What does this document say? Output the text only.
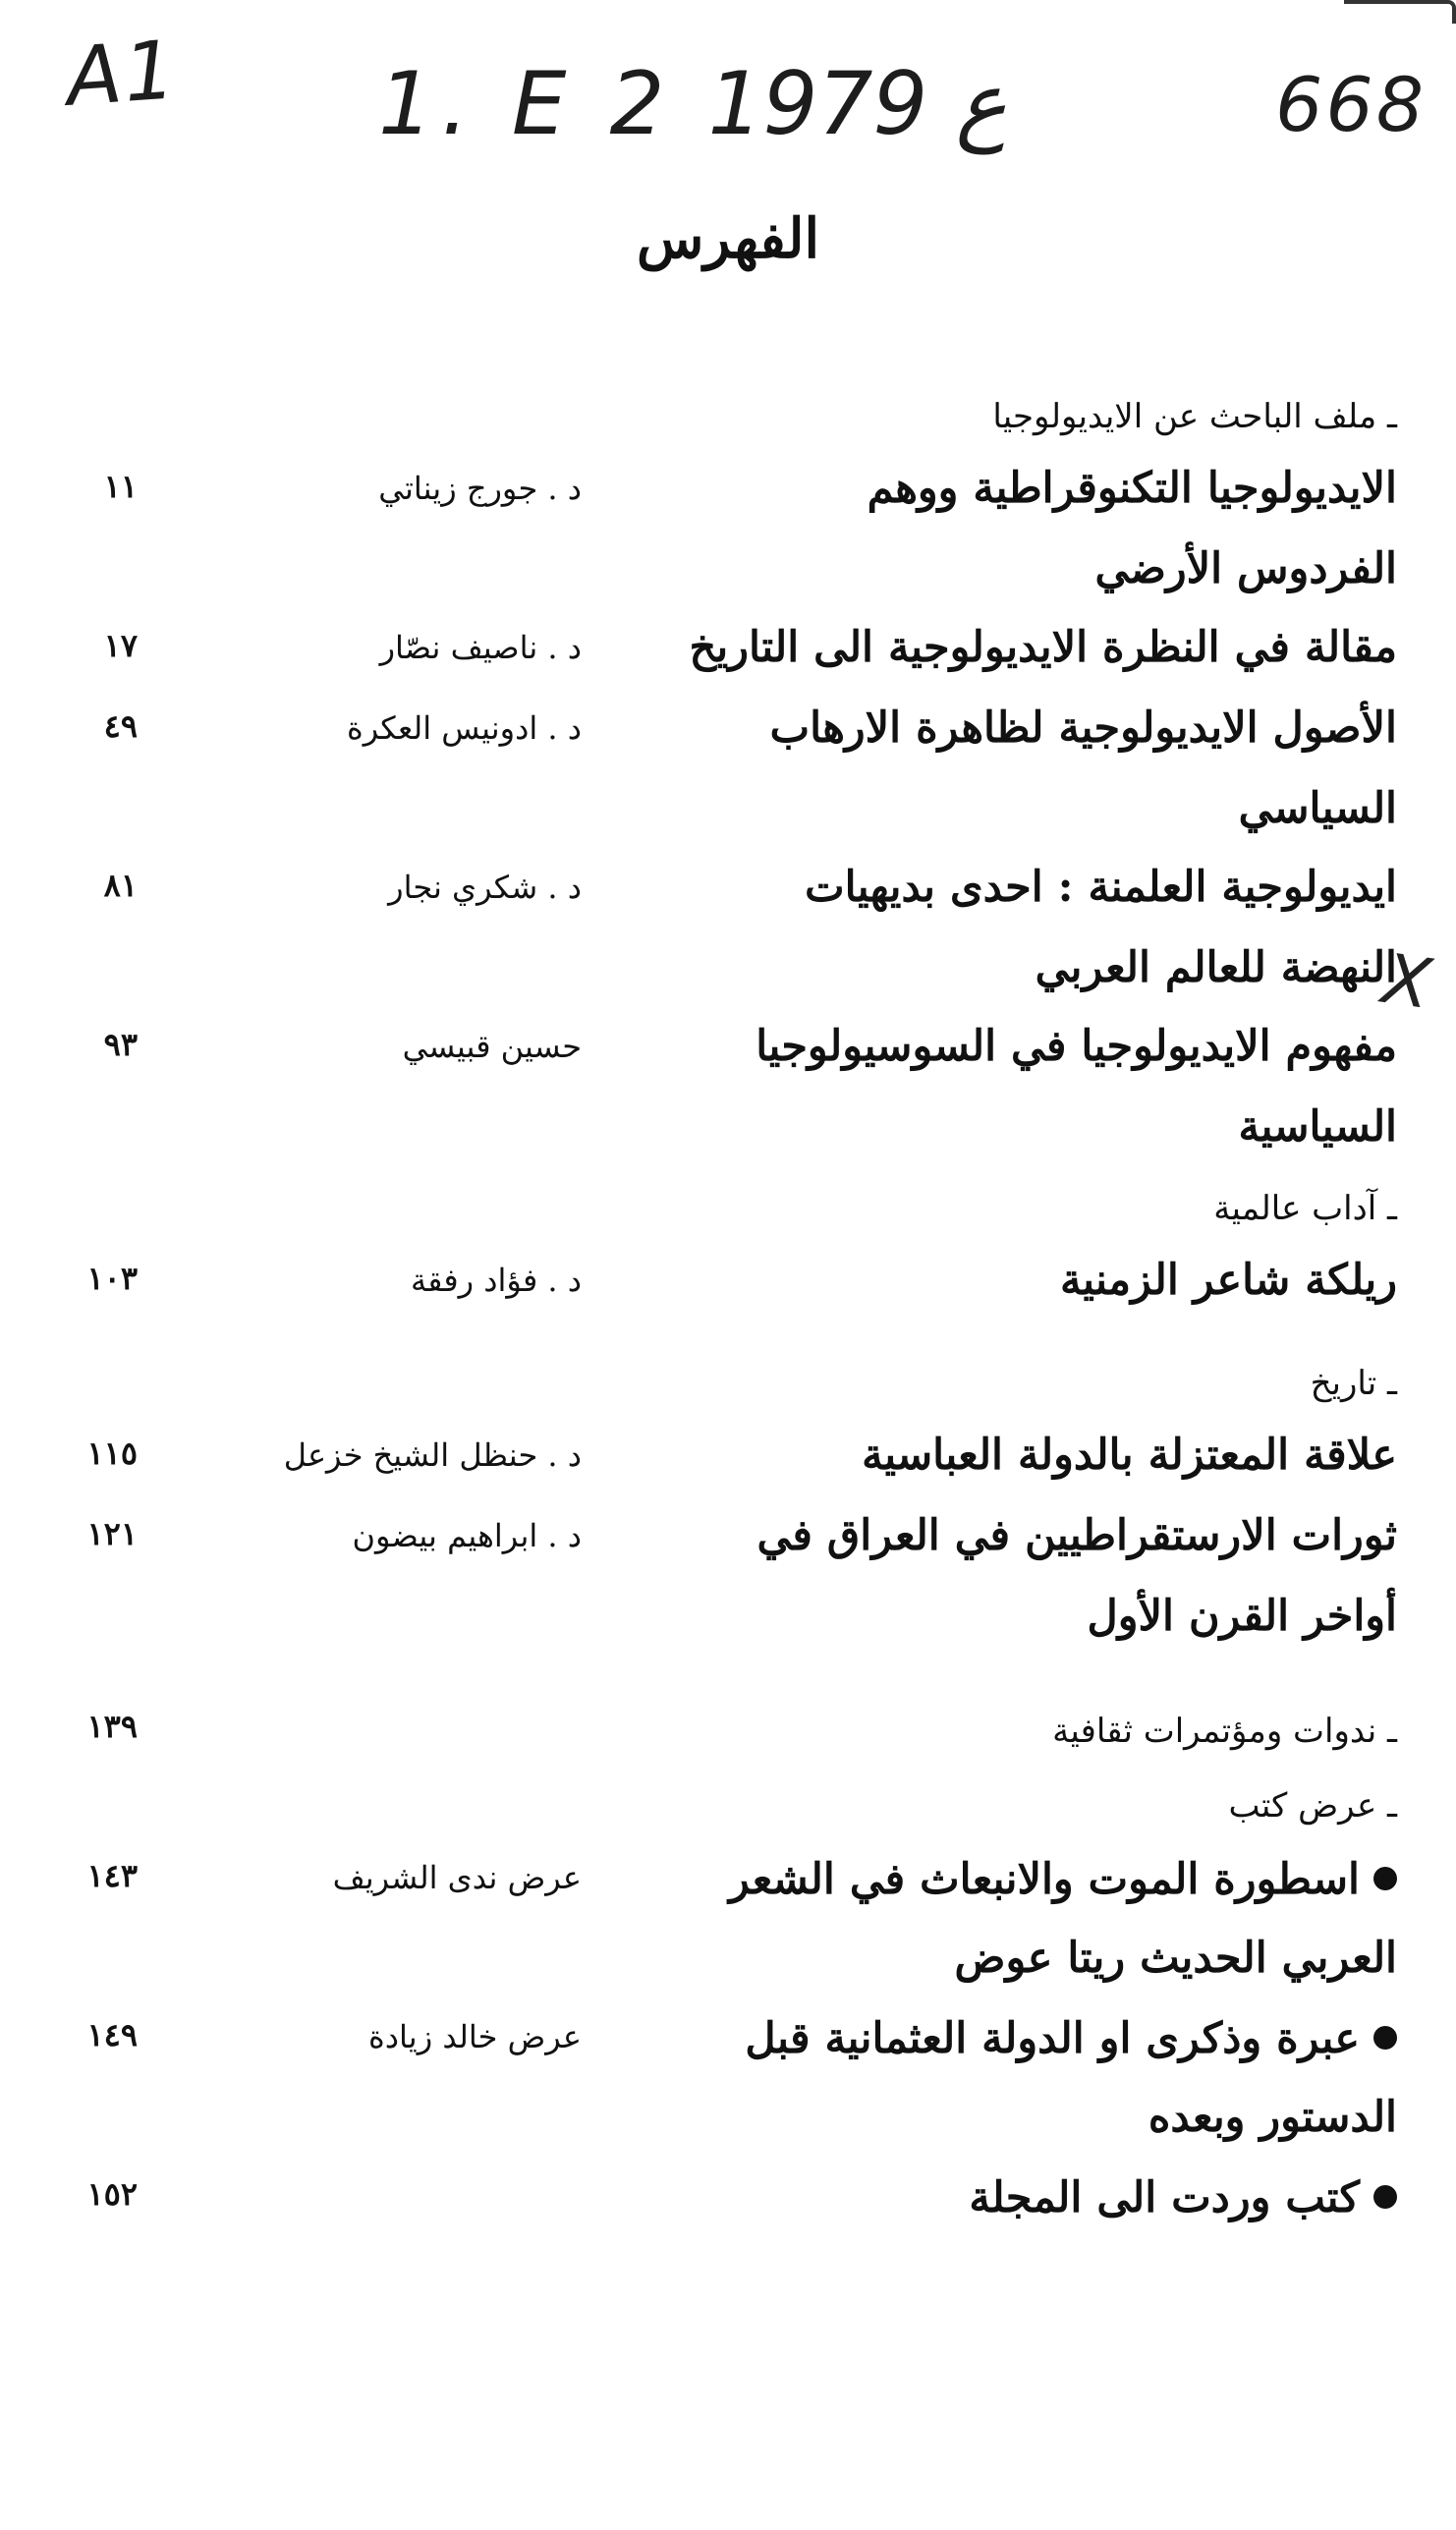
A1 1. E 2 ع 1979	668
الفهرس
X
ـ ملف الباحث عن الايديولوجيا
الايديولوجيا التكنوقراطية ووهم
د . جورج زيناتي
١١
الفردوس الأرضي
مقالة في النظرة الايديولوجية الى التاريخ
د . ناصيف نصّار
١٧
الأصول الايديولوجية لظاهرة الارهاب
د . ادونيس العكرة
٤٩
السياسي
ايديولوجية العلمنة : احدى بديهيات
د . شكري نجار
٨١
النهضة للعالم العربي
مفهوم الايديولوجيا في السوسيولوجيا
حسين قبيسي
٩٣
السياسية
ـ آداب عالمية
ريلكة شاعر الزمنية
د . فؤاد رفقة
١٠٣
ـ تاريخ
علاقة المعتزلة بالدولة العباسية
د . حنظل الشيخ خزعل
١١٥
ثورات الارستقراطيين في العراق في
د . ابراهيم بيضون
١٢١
أواخر القرن الأول
ـ ندوات ومؤتمرات ثقافية
١٣٩
ـ عرض كتب
اسطورة الموت والانبعاث في الشعر
عرض ندى الشريف
١٤٣
العربي الحديث ريتا عوض
عبرة وذكرى او الدولة العثمانية قبل
عرض خالد زيادة
١٤٩
الدستور وبعده
كتب وردت الى المجلة
١٥٢
